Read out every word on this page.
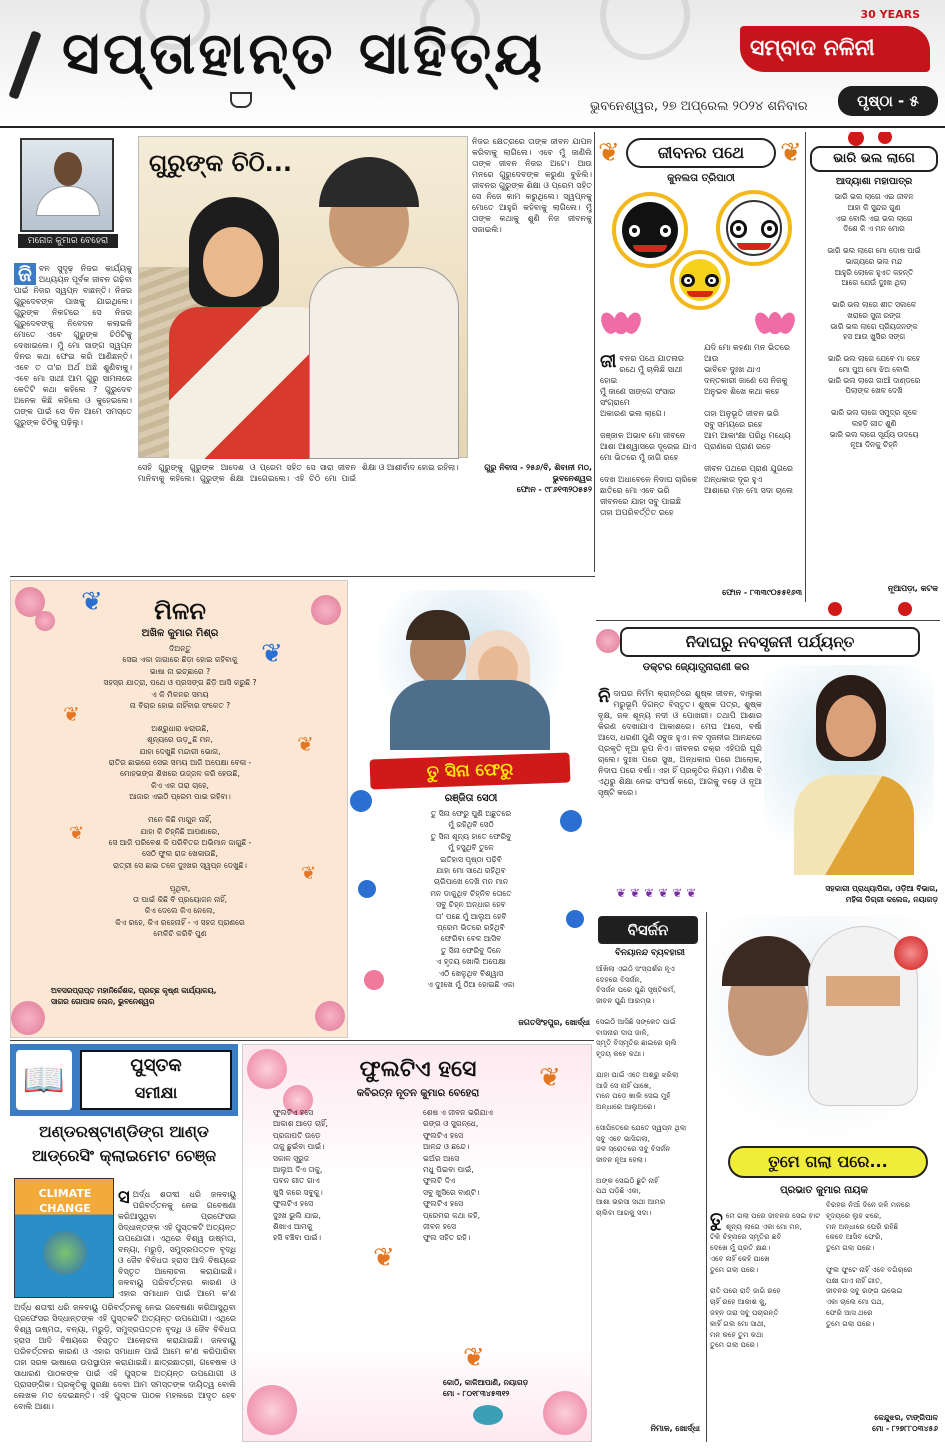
ସପ୍ତାହାନ୍ତ ସାହିତ୍ୟ
30 YEARS
ସମ୍ବାଦ ନଳିନୀ
ଭୁବନେଶ୍ୱର, ୨୭ ଅପ୍ରେଲ ୨୦୨୪ ଶନିବାର	ପୃଷ୍ଠା - ୫
ମନୋଜ କୁମାର ବେହେରା

ଜି ବନ ସୁଦୃଢ଼ ନିଜର କାର୍ଯ୍ୟକୁ ଅଧ୍ୟୟନ ପୂର୍ବକ ଜୀବନ ଗଢ଼ିବା ପାଇଁ ନିଜର ସ୍ୱପ୍ନ ବାଛନ୍ତି। ନିଜର ଗୁରୁଦେବଙ୍କ ପାଖକୁ ଯାଇଥିଲେ। ଗୁରୁଙ୍କ ନିକଟରେ ସେ ନିଜର ଗୁରୁଦେବଙ୍କୁ ନିବେଦନ କଲାଭଳି ମୋତେ ଏବେ ଗୁରୁଙ୍କ ଚିଠିଟିକୁ ଦେଖାଇଲେ। ମୁଁ ମୋ ସାଙ୍ଗ ସ୍ୱପ୍ନ ଦିନର କଥା ଫେଇ କରି ଆଣିଛନ୍ତି। ଏବେ ତ ତା'ର ଅର୍ଥ ଅଛି ଶୁଣିବାକୁ। ଏବେ ମୋ ସାଥୀ ଆମ ଗୁରୁ ସାମନାରେ କେତିଟି କଥା କହିଲେ ? ଗୁରୁଦେବ ଅନେକ କିଛି କହିଲେ ଓ କୁହେଇଲେ। ତାଙ୍କ ପାଇଁ ସେ ଦିନ ଆମେ ସମସ୍ତେ ଗୁରୁଙ୍କ ଚିଠିକୁ ପଢ଼ିଲୁ।

ଗୁରୁଙ୍କ ଚିଠି...
ନିଜର କ୍ଷେତ୍ରରେ ତାଙ୍କ ଜୀବନ ଯାପନ କରିବାକୁ ଲାଗିଲେ। ଏବେ ମୁଁ ଜାଣିଲି ତାଙ୍କ ଜୀବନ ନିଜର ଅଟେ। ଆଉ ମନରେ ଗୁରୁଦେବଙ୍କ କରୁଣା ବୁଝିଲି। ଜୀବନର ଗୁରୁଙ୍କ ଶିକ୍ଷା ଓ ପ୍ରେମ ସହିତ ସେ ନିଜେ କାମ କରୁଥିଲେ। ସ୍ୱପ୍ନକୁ ମୋତେ ଆହୁରି କହିବାକୁ ଲାଗିଲେ। ମୁଁ ତାଙ୍କ କଥାକୁ ଶୁଣି ନିଜ ଜୀବନକୁ ସଜାଇଲି।
ସେହି ଗୁରୁଙ୍କୁ ଗୁରୁଙ୍କ ଆଦେଶ ମାନିବାକୁ କହିଲେ। ଗୁରୁଙ୍କ ଶିକ୍ଷା ଓ ପ୍ରେମ ସହିତ ସେ ସାରା ଜୀବନ ଆଗେଇଲେ। ଏହି ଚିଠି ମୋ ପାଇଁ ଶିକ୍ଷା ଓ ଆଶୀର୍ବାଦ ହୋଇ ରହିଲା।	ଗୁରୁ ନିବାସ - ୨୫୬/ବି, ଶିବାନୀ ମଠ, ଭୁବନେଶ୍ୱର
ଫୋନ - ୯୮୬୧୩୨୦୫୫୨
❦	ଜୀବନର ପଥେ	❦
କୁନଲତା ତ୍ରିପାଠୀ

ଜୀବନର ପଥେ ଯାତନାର ରଥେ ମୁଁ ଚାଲିଛି ସାଥୀ ହୋଇ
ମୁଁ ଜାଣେ ସାଙ୍ଗେ ସଂସାର ସଂଗ୍ରାମେ
ଅକାରଣ ଭଲ ଲାଗେ।

ଜଞ୍ଜାଳ ଅଭାବ ମୋ ଜୀବନେ
ଆଶା ଆଶ୍ୱାସରେ ଦୂରେଇ ଯାଏ
ମୋ ଭିତରେ ମୁଁ ଜାଗି ରହେ

ଦେଖ ଅଧାବେଳେ ନିଦାଘ ଚାରିକେ
ଛାତିରେ ମୋ ଏବେ ଭରି
ଜୀବନରେ ଯାହା ସବୁ ପାଇଛି
ତାହା ଅପରିବର୍ତ୍ତିତ ରହେ

ଯଦି ମୋ କହଣା ମନ ଭିତରେ ଆଉ
ଭାବିବେ ଦୁଃଖ ଥାଏ
ଦନ୍ତକାରୀ ଜାଣେ ସେ ନିଜକୁ
ଅନୁଭବ ଶିଖେ କଥା କହେ

ତାହା ଅନୁଭୂତି ଜୀବନ ଭରି
ସବୁ ସମୟରେ ରହେ
ଆମ ଆକାଂକ୍ଷା ପରିଧି ମଧ୍ୟେ
ପ୍ରାଣରେ ପ୍ରାଣ ରହେ

ଜୀବନ ପଥରେ ପ୍ରାଣ ଯୁଗରେ
ଅନ୍ଧକାର ଦୂର ହୁଏ
ଆଶାରେ ମନ ମୋ ସଦା ଚାଲେ
ଫୋନ - ୮୩୩୯୦୫୫୧୬୩
ଭାରି ଭଲ ଲାଗେ
ଆଦ୍ୟାଶା ମହାପାତ୍ର
ଭାରି ଭଲ ଲାଗେ ଏଇ ଜୀବନ
ଆହା କି ସୁନ୍ଦର ଗୁଣ
ଏଇ ବୋଲି ଏଇ ଭଲ ଲାଗେ
ଦିଶେ କି ଏ ମନ ମୋର

ଭାରି ଭଲ ଲାଗେ ମୋ ଦୋଷ ପାଇଁ
ଭାଗ୍ୟରେ ଭଲ ମନ୍ଦ
ଆହୁରି ଲୋକେ ହୁଏତ କହନ୍ତି
ଆଗେ ଯେଉଁ ଦୁଃଖ ଥିଲା

ଭାରି ଭଲ ଲାଗେ ଶୀତ ସକାଳେ
ଖରାରେ ସୁନା ରଙ୍ଗ
ଭାରି ଭଲ ଲାଗେ ପ୍ରିୟଜନଙ୍କ
ହସ ଆଉ ଖୁସିର ସଙ୍ଗ

ଭାରି ଭଲ ଲାଗେ ଯେବେ ମା କହେ
ମୋ ପୁଅ ମୋ ଝିଅ ବୋଲି
ଭାରି ଭଲ ଲାଗେ ଗାଆଁ ଦାଣ୍ଡରେ
ପିଲାଙ୍କ ଖେଳ ଦେଖି

ଭାରି ଭଲ ଲାଗେ ସମୁଦ୍ର କୂଳେ
ଲହଡ଼ି ଗୀତ ଶୁଣି
ଭାରି ଭଲ ଲାଗେ ସୂର୍ଯ୍ୟ ଉଦୟେ
ନୂଆ ଦିନକୁ ଚିହ୍ନି
ନୂଆପଡ଼ା, କଟକ
❦
❦
ମିଳନ
ଅଖିଳ କୁମାର ମିଶ୍ର
ଦିଅନ୍ତୁ
ସେଇ ଏକା ଜାଗାରେ ଛିଡ଼ା ହୋଇ କହିବାକୁ
ଭାଷା ନା ଇଚ୍ଛାରେ ?
ସହସ୍ର ଯାତ୍ରା, ପଥେ ଓ ପ୍ରସଙ୍ଗ ଛିଡ଼ି ଆସି କରୁଛି ?
ଏ କି ମିଳନର ସମୟ
ନା ବିଚାର ହୋଇ ନାହିଁବାର ସଂକେତ ?

ଅଶ୍ରୁଧାରା ଝରାଉଛି,
ଶୂନ୍ୟରେ ଉଡ଼ୁଛି ମନ,
ଯାହା ଦେଖୁଛି ମନ୍ଦାରୀ ଭୋଗ,
ରାତିର ଛାଇରେ ସେଇ ସମୟ ଆଜି ଅପେକ୍ଷା ବେଳା -
ମୋହଭଙ୍ଗ ଶିଖରେ ଉଜ୍ଜଳ କରି ହେଉଛି,
କିଏ ଏକ ତାରା ଚାହେ,
ଆଜାର ଏଇଠି ପ୍ରେମ ପାଇ ରହିବା।

ମନେ କିଛି ମାଗୁନ ନାହିଁ,
ଯାହା କି ଚିହ୍ନିଛି ଆପଣାରେ,
ସେ ଆଜି ପରିବେଶ କି ପରିବିତର ଅଭିମାନ ଜାଗୁଛି -
ସେଠି ଫୁଲ ରାଜ ଖେଳାଉଛି,
ରାତ୍ରୀ ସେ ଛାଇ ତଳେ ଦୁଃଖର ସ୍ୱପ୍ନ ଦେଖୁଛି।

ପୃଥିବୀ,
ତା ପାଇଁ କିଛି ବି ପ୍ରୟୋଜନ ନାହିଁ,
କିଏ ଦେଲେ କିଏ ନେଲେ,
କିଏ ରହେ, କିଏ ରହେନାହିଁ - ଏ ସହଜ ପ୍ରାଣରେ
ମେଳିଚି କରିବି ପୁଣ
❦
❦
❦
❦
ଅବସରପ୍ରାପ୍ତ ମହାନିର୍ଦ୍ଦେଶକ, ପ୍ରଚ୍ଛ କୃଷ୍ଣ କାର୍ଯ୍ୟାଳୟ,
ସାଗର ଗୋପାଳ ଲେନ, ଭୁବନେଶ୍ୱର
ତୁ ସିନା ଫେରୁ
ରଞ୍ଜିତା ସେଠୀ
ତୁ ସିନା ଫେରୁ ପୁଣି ଅଛୁତରେ
ମୁଁ ରହିଥିବି ସେଠି
ତୁ ସିନା ଶୂନ୍ୟ ହାତେ ଫେରିବୁ
ମୁଁ ହସୁଥିବି ତୁଳେ
ଇତିହାସ ପୃଷ୍ଠା ପଢ଼ିବି
ଯାହା ମୋ ସାଥେ ରହିଥିବ
ଚାରିପାଖେ ଦେଖି ମନ ମାନ
ମନ ଡାକୁଥିବ ଚିହ୍ନିବ ତୋତେ
ସବୁ ଚିହ୍ନ ଅନ୍ଧାର ହେବ
ତା' ପଛେ ମୁଁ ଆଲୁଅ ହେବି
ପ୍ରେମ ଭିତରେ ରହିଥିବି
ଫେରିବା ବେଳ ଆସିବ
ତୁ ସିନା ଫେରିବୁ ଦିନେ
ଏ ହୃଦୟ ଖୋଲି ଅପେକ୍ଷା
ଏଠି ଖେଳୁଥିବ ବିଶ୍ୱାସ
ଏ ଦୁଃଖେ ମୁଁ ଠିଆ ହୋଇଛି ଏକା
ଜଗତସିଂହପୁର, ଖୋର୍ଦ୍ଧା
ନିଦାଘରୁ ନବସୃଜନୀ ପର୍ଯ୍ୟନ୍ତ
ଡକ୍ଟର ଜ୍ୟୋତ୍ସ୍ନାରାଣୀ କର

ନିଦାଘର ନିର୍ମମ କ୍ରାନ୍ତିରେ ଶୁଷ୍କ ଜୀବନ, ବାଲୁକା ମରୁଭୂମି ଦିଗନ୍ତ ବିସ୍ତୃତ। ଶୁଷ୍କ ପତ୍ର, ଶୁଷ୍କ ବୃକ୍ଷ, ଜଳ ଶୂନ୍ୟ ନଦୀ ଓ ପୋଖରୀ। ତଥାପି ଆଶାର କିରଣ ଦେଖାଯାଏ ଆକାଶରେ। ମେଘ ଆସେ, ବର୍ଷା ଆସେ, ଧରଣୀ ପୁଣି ସବୁଜ ହୁଏ। ନବ ସୃଜନୀର ଆନନ୍ଦରେ ପ୍ରକୃତି ନୂଆ ରୂପ ନିଏ। ଜୀବନର ଚକ୍ର ଏହିପରି ଘୂରି ଚାଲେ। ଦୁଃଖ ପରେ ସୁଖ, ଅନ୍ଧକାର ପରେ ଆଲୋକ, ନିଦାଘ ପରେ ବର୍ଷା। ଏହା ହିଁ ପ୍ରକୃତିର ନିୟମ। ମଣିଷ ବି ଏଥିରୁ ଶିକ୍ଷା ନେଇ ସଂଘର୍ଷ କରେ, ଆଗକୁ ବଢ଼େ ଓ ନୂଆ ସୃଷ୍ଟି କରେ।

ସହକାରୀ ପ୍ରାଧ୍ୟାପିକା, ଓଡ଼ିଆ ବିଭାଗ,
ମହିଳା ଡିଗ୍ରୀ କଲେଜ, ନୟାଗଡ଼
❦❦❦❦❦❦
ବିସର୍ଜନ
ବିନୟାନନ୍ଦ ବ୍ୟବହାରୀ
ଆଁଖିଲା ଏଇଠି ସଂସ୍ପର୍ଶର ନୂଏ
ଦେହରେ ବିସର୍ଜନ,
ବିସର୍ଜନ ପରେ ପୁଣି ସୃଷ୍ଟିକର୍ମ,
ଜୀବନ ପୁଣି ଆରମ୍ଭ।

ସେଇଠି ଆସିଛି ସଙ୍କେତ ପାଇଁ
ବାସନାର ଦୀପ ଜାଳି,
ସ୍ମୃତି ବିସ୍ମୃତିର ଛାଇରେ ଚାଲି
ହୃଦୟ କହେ କଥା।

ଯାହା ପାଇଁ ଏତେ ଅଶ୍ରୁ ଝରିଲା
ଆଜି ସେ ନାହିଁ ପାଖେ,
ମନେ ପଡ଼େ ଖାଲି ସେଇ ମୁହଁ
ଅନ୍ଧାରେ ଆଲୁଅରେ।

ସୋପିତେରେ ଯେତେ ସ୍ୱପ୍ନ ଥିଲା
ସବୁ ଏବେ ଭାସିଗଲା,
ଜଳ ସ୍ରୋତରେ ସବୁ ବିସର୍ଜନ
ଜୀବନ ନୂଆ ହେଲା।

ଅଙ୍କ ସେଇଠି ଛୁଟି ନାହିଁ
ପଥ ପଡ଼ିଛି ଏକା,
ଆଶା ଭରସା ସାଥୀ ଆମର
ଚାଲିବା ଆଗକୁ ସଦା।
ନିମାଳ, ଖୋର୍ଦ୍ଧା
ତୁମେ ଗଲା ପରେ...
ପ୍ରଭାତ କୁମାର ନାୟକ

ତୁମେ ଗଲା ପରେ ଜୀବନର ସେଇ ବାଟ
ଶୂନ୍ୟ ଲାଗେ ଏକା ମୋ ମନ,
ଟିକି ଚିହ୍ନାରେ ସ୍ମୃତିର ଛବି
ଦେଖେ ମୁଁ ପ୍ରତି କ୍ଷଣ।
ଏବେ ନାହିଁ କେହି ପାଖେ
ତୁମେ ଗଲା ପରେ।

ରାତି ପରେ ରାତି ଜାଗି ରହେ
ଚାହିଁ ରହେ ଆକାଶ କୁ,
ଜହ୍ନ ତାରା ସବୁ ପଚାରନ୍ତି
କାହିଁ ଗଲ ମୋ ସାଥୀ,
ମନ କହେ ତୁମ କଥା
ତୁମେ ଗଲା ପରେ।

ବିରହର ନିଆଁ ଦିନେ ଜଳି ମନରେ
ହୃଦୟରେ ଲୁହ ଝରେ,
ମନ ଅନ୍ଧାରେ ଘେରି ରହିଛି
କେବେ ଆସିବ ଫେରି,
ତୁମେ ଗଲା ପରେ।

ଫୁଲ ଫୁଟେ ନାହିଁ ଏବେ ବଗିଚାରେ
ପକ୍ଷୀ ଗାଏ ନାହିଁ ଗୀତ,
ଜୀବନର ସବୁ ରଙ୍ଗ ଉଭେଇ
ଏକା ଚାଲେ ମୋ ପଥ,
ଫେରି ଆସ ଥରେ
ତୁମେ ଗଲା ପରେ।
କେନ୍ଦୁଝର, ଟାଙ୍ଗିପାଳ
ମୋ - ୮୨୭୮୮୦୩୪୫୬
📖	ପୁସ୍ତକ
ସମୀକ୍ଷା
ଅଣ୍ଡରଷ୍ଟାଣ୍ଡିଙ୍ଗ ଆଣ୍ଡ ଆଡ୍ରେସିଂ କ୍ଲାଇମେଟ ଚେଞ୍ଜ
CLIMATE CHANGE

ସଅର୍ଦ୍ଧ ଶତାବ୍ଦୀ ଧରି ଜଳବାୟୁ ପରିବର୍ତ୍ତନକୁ ନେଇ ଗବେଷଣା କରିଆସୁଥିବା ପ୍ରଫେସର ସିଦ୍ଧାନ୍ତଙ୍କ ଏହି ପୁସ୍ତକଟି ଅତ୍ୟନ୍ତ ଉପଯୋଗୀ। ଏଥିରେ ବିଶ୍ୱ ଉଷ୍ମତା, ବନ୍ୟା, ମରୁଡ଼ି, ସମୁଦ୍ରପତ୍ତନ ବୃଦ୍ଧି ଓ ଜୈବ ବିବିଧତା ହ୍ରାସ ଆଦି ବିଷୟରେ ବିସ୍ତୃତ ଆଲୋଚନା କରାଯାଇଛି। ଜଳବାୟୁ ପରିବର୍ତ୍ତନର କାରଣ ଓ ଏହାର ସମାଧାନ ପାଇଁ ଆମେ କ'ଣ

ଅର୍ଦ୍ଧ ଶତାବ୍ଦୀ ଧରି ଜଳବାୟୁ ପରିବର୍ତ୍ତନକୁ ନେଇ ଗବେଷଣା କରିଆସୁଥିବା ପ୍ରଫେସର ସିଦ୍ଧାନ୍ତଙ୍କ ଏହି ପୁସ୍ତକଟି ଅତ୍ୟନ୍ତ ଉପଯୋଗୀ। ଏଥିରେ ବିଶ୍ୱ ଉଷ୍ମତା, ବନ୍ୟା, ମରୁଡ଼ି, ସମୁଦ୍ରପତ୍ତନ ବୃଦ୍ଧି ଓ ଜୈବ ବିବିଧତା ହ୍ରାସ ଆଦି ବିଷୟରେ ବିସ୍ତୃତ ଆଲୋଚନା କରାଯାଇଛି। ଜଳବାୟୁ ପରିବର୍ତ୍ତନର କାରଣ ଓ ଏହାର ସମାଧାନ ପାଇଁ ଆମେ କ'ଣ କରିପାରିବା ତାହା ସରଳ ଭାଷାରେ ଉପସ୍ଥାପନ କରାଯାଇଛି। ଛାତ୍ରଛାତ୍ରୀ, ଗବେଷକ ଓ ସାଧାରଣ ପାଠକଙ୍କ ପାଇଁ ଏହି ପୁସ୍ତକ ଅତ୍ୟନ୍ତ ଉପଯୋଗୀ ଓ ପ୍ରାସଙ୍ଗିକ। ପ୍ରକୃତିକୁ ସୁରକ୍ଷା ଦେବା ଆମ ସମସ୍ତଙ୍କ ଦାୟିତ୍ୱ ବୋଲି ଲେଖକ ମତ ଦେଇଛନ୍ତି। ଏହି ପୁସ୍ତକ ପାଠକ ମହଲରେ ଆଦୃତ ହେବ ବୋଲି ଆଶା।
❦
ଫୁଲଟିଏ ହସେ
କବିରତ୍ନ ନୂତନ କୁମାର ବେହେରା
ଫୁଲଟିଏ ହସେ
ଆକାଶ ଆଡ଼େ ଚାହିଁ,
ପ୍ରଜାପତି ଉଡ଼େ
ତାକୁ ଛୁଇଁବା ପାଇଁ।
ସକାଳ ସୂରୁଜ
ଆଲୁଅ ଦିଏ ତାକୁ,
ପବନ ଗୀତ ଗାଏ
ଖୁସି କରେ ସବୁକୁ।
ଫୁଲଟିଏ ହସେ
ଦୁଃଖ ଭୁଲି ଯାଇ,
ଶିଖାଏ ଆମକୁ
ହସି ବଞ୍ଚିବା ପାଇଁ।
ଶେଷ ଏ ଜୀବନ ଭରିଯାଏ
ରଙ୍ଗ ଓ ସୁଗନ୍ଧେ,
ଫୁଲଟିଏ ହସେ
ଆନନ୍ଦ ଓ ଛନ୍ଦେ।
ଭଅଁର ଆସେ
ମଧୁ ପିଇବା ପାଇଁ,
ଫୁଲଟି ଦିଏ
ସବୁ ଖୁସିରେ ବାଣ୍ଟି।
ଫୁଲଟିଏ ହସେ
ପ୍ରେମର କଥା କହି,
ଜୀବନ ହସେ
ଫୁଲ ସହିତ ରହି।
❦
❦
କୋଠି, କାଳିଆପାଣି, ନୟାଗଡ଼
ମୋ - ୮୦୧୮୩୪୫୩୧୨
